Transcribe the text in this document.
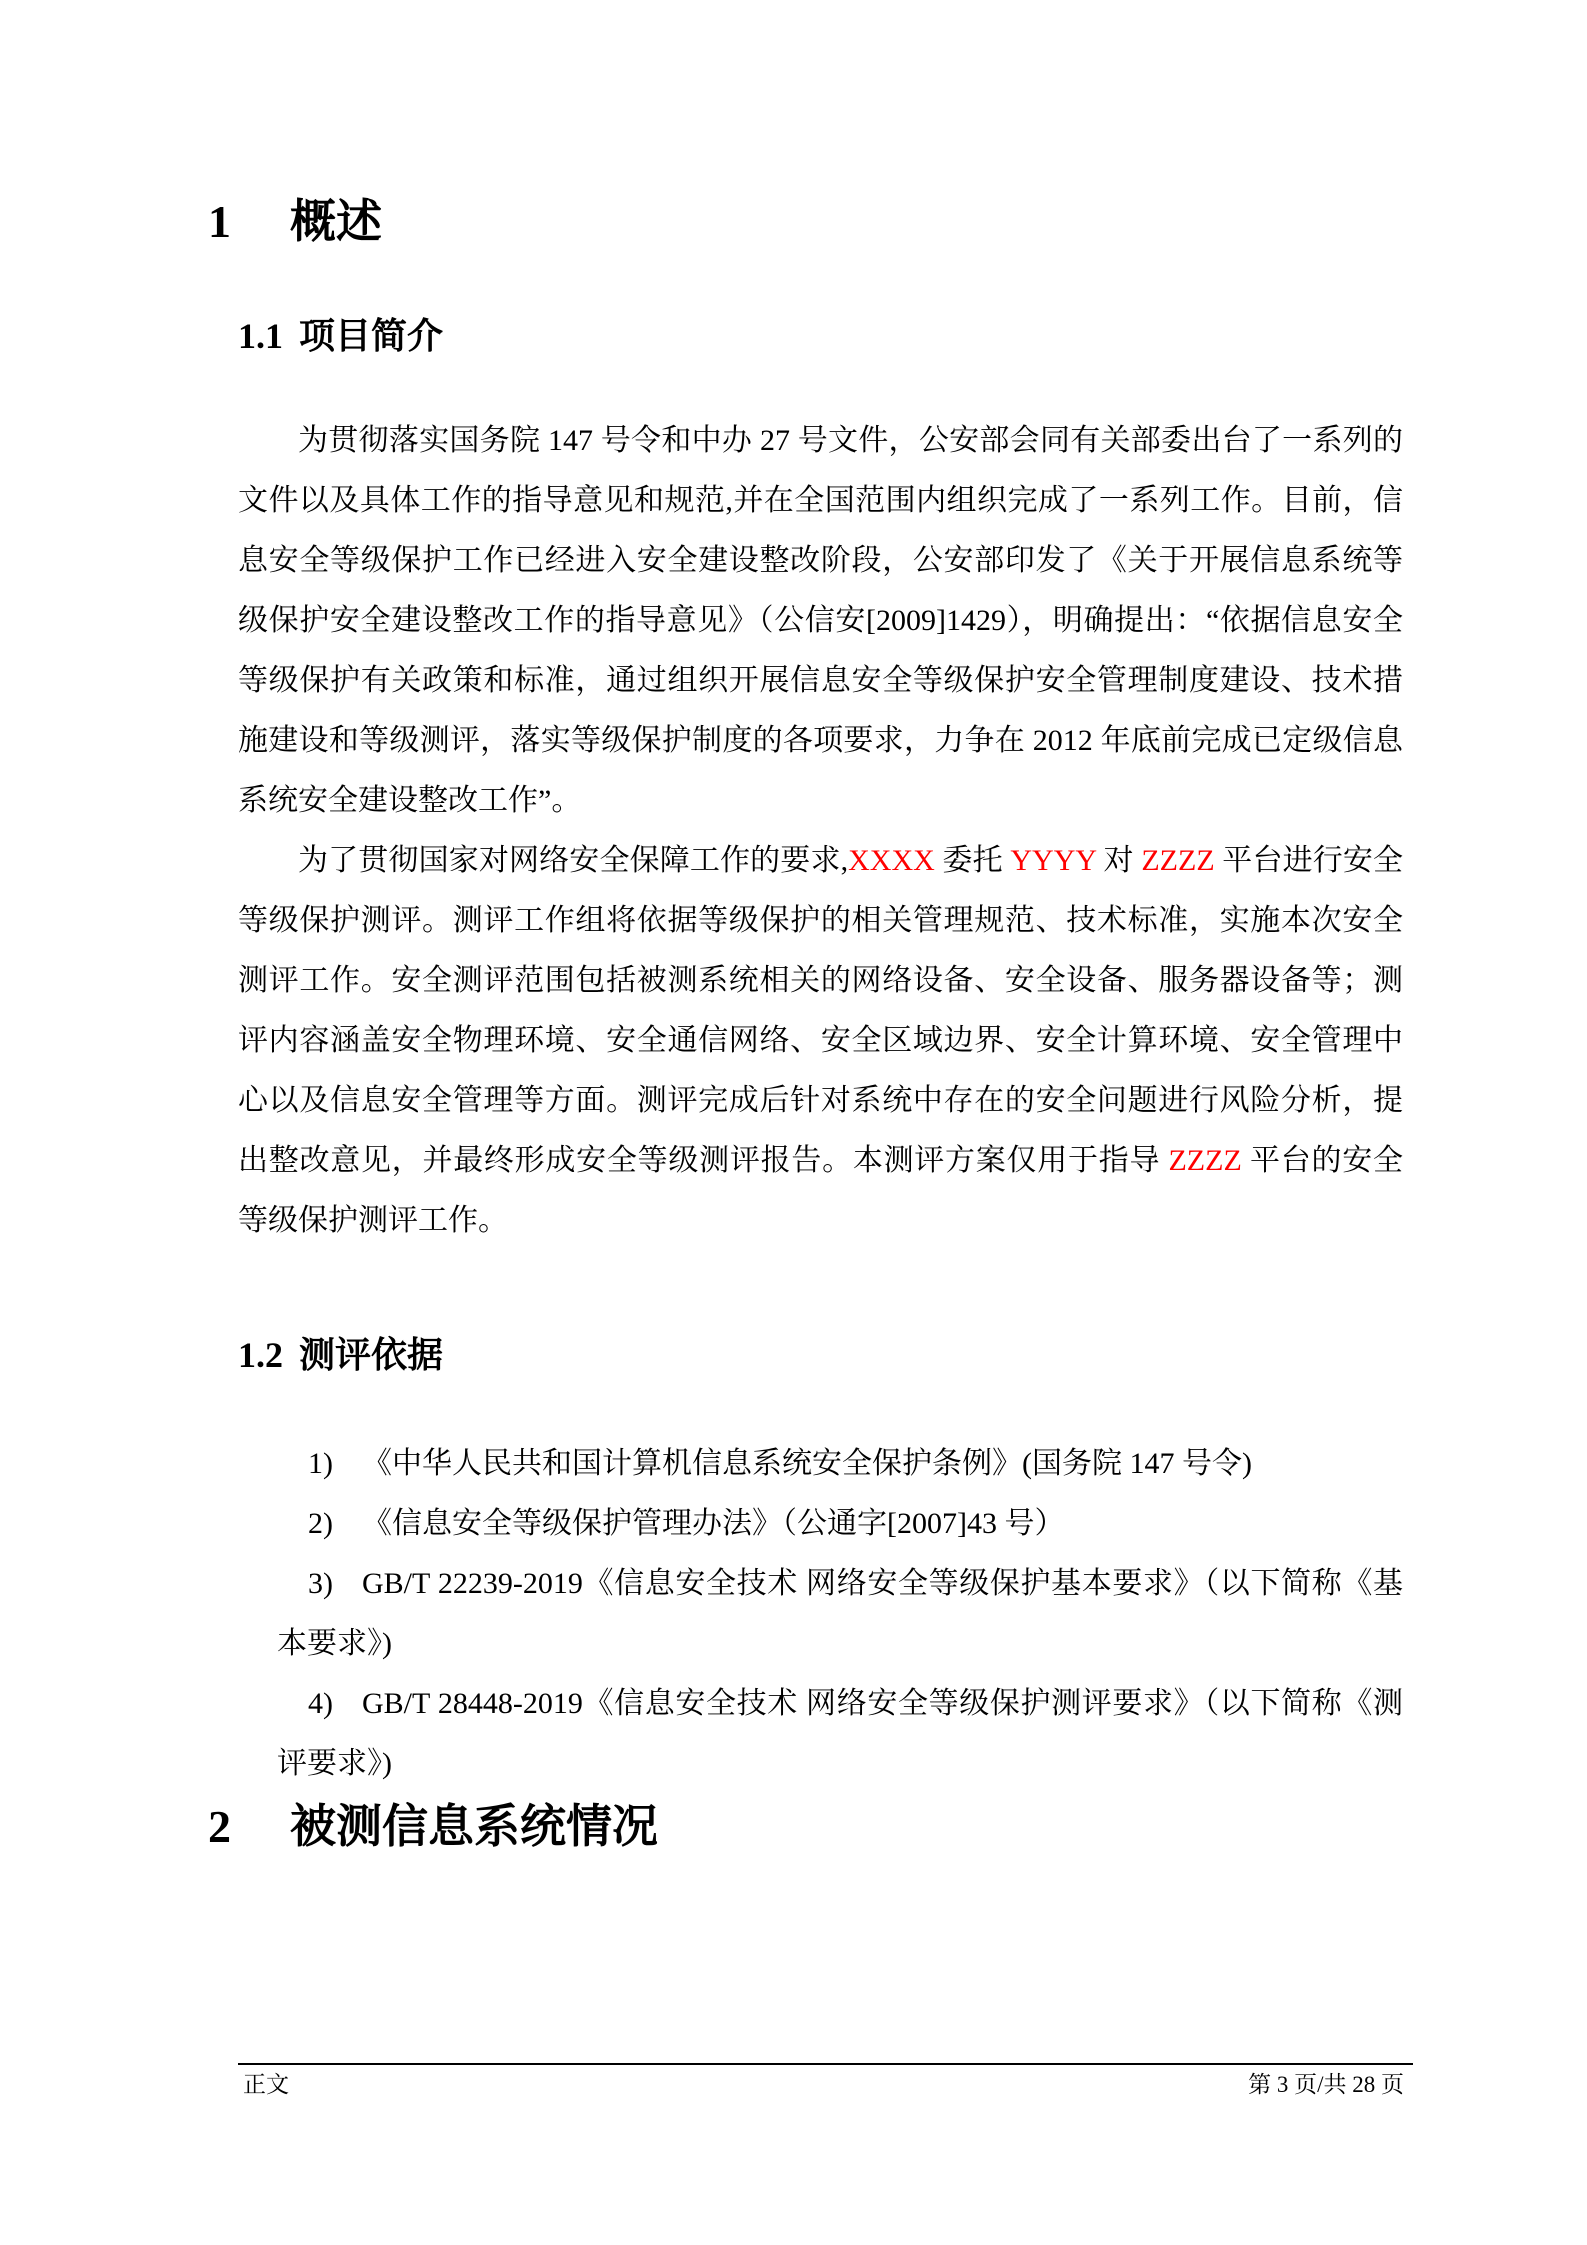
1	概述
1.1 项目简介

为贯彻落实国务院 147 号令和中办 27 号文件，公安部会同有关部委出台了一系列的文件以及具体工作的指导意见和规范,并在全国范围内组织完成了一系列工作。目前，信息安全等级保护工作已经进入安全建设整改阶段，公安部印发了《关于开展信息系统等级保护安全建设整改工作的指导意见》（公信安[2009]1429），明确提出：“依据信息安全等级保护有关政策和标准，通过组织开展信息安全等级保护安全管理制度建设、技术措施建设和等级测评，落实等级保护制度的各项要求，力争在 2012 年底前完成已定级信息系统安全建设整改工作”。

为了贯彻国家对网络安全保障工作的要求,XXXX 委托 YYYY 对 ZZZZ 平台进行安全等级保护测评。测评工作组将依据等级保护的相关管理规范、技术标准，实施本次安全测评工作。安全测评范围包括被测系统相关的网络设备、安全设备、服务器设备等；测评内容涵盖安全物理环境、安全通信网络、安全区域边界、安全计算环境、安全管理中心以及信息安全管理等方面。测评完成后针对系统中存在的安全问题进行风险分析，提出整改意见，并最终形成安全等级测评报告。本测评方案仅用于指导 ZZZZ 平台的安全等级保护测评工作。

1.2 测评依据
1) 《中华人民共和国计算机信息系统安全保护条例》(国务院 147 号令)
2) 《信息安全等级保护管理办法》（公通字[2007]43 号）
3) GB/T 22239-2019《信息安全技术 网络安全等级保护基本要求》（以下简称《基本要求》)
4) GB/T 28448-2019《信息安全技术 网络安全等级保护测评要求》（以下简称《测评要求》)
2	被测信息系统情况
正文	第 3 页/共 28 页
